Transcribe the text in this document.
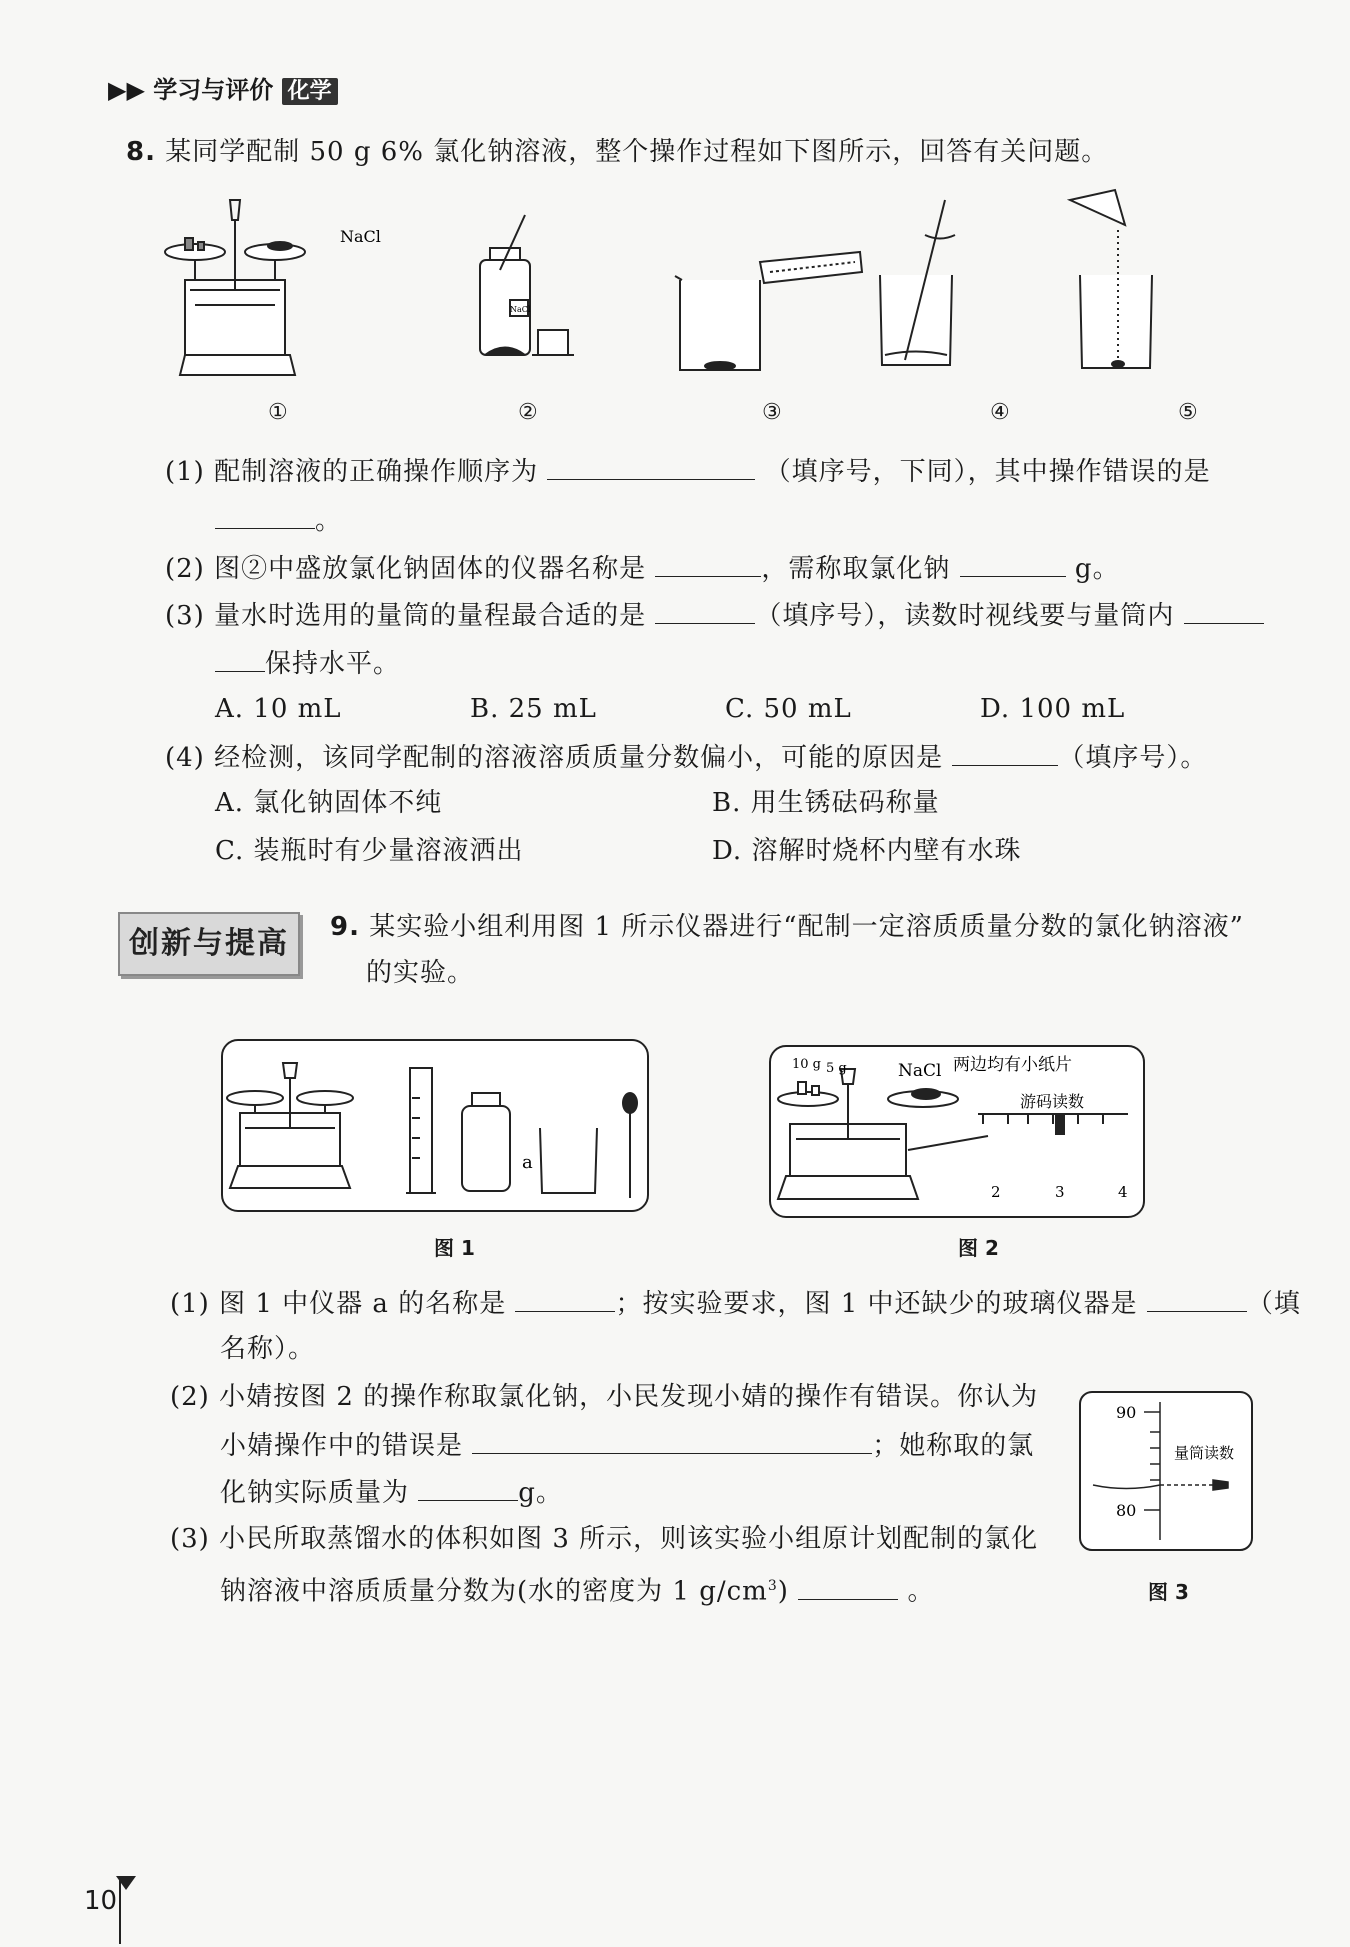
▶▶ 学习与评价 化学
8. 某同学配制 50 g 6% 氯化钠溶液，整个操作过程如下图所示，回答有关问题。
NaCl
NaCl
①	②	③	④	⑤
(1) 配制溶液的正确操作顺序为	（填序号，下同），其中操作错误的是
。
(2) 图②中盛放氯化钠固体的仪器名称是	，需称取氯化钠	g。
(3) 量水时选用的量筒的量程最合适的是	（填序号），读数时视线要与量筒内
保持水平。
A. 10 mL	B. 25 mL	C. 50 mL	D. 100 mL
(4) 经检测，该同学配制的溶液溶质质量分数偏小，可能的原因是	（填序号）。
A. 氯化钠固体不纯	B. 用生锈砝码称量
C. 装瓶时有少量溶液洒出	D. 溶解时烧杯内壁有水珠
创新与提高	9. 某实验小组利用图 1 所示仪器进行“配制一定溶质质量分数的氯化钠溶液”
的实验。
a
图 1
10 g 5 g	NaCl 两边均有小纸片
游码读数
2	3	4
图 2
(1) 图 1 中仪器 a 的名称是	；按实验要求，图 1 中还缺少的玻璃仪器是	（填
名称）。
(2) 小婧按图 2 的操作称取氯化钠，小民发现小婧的操作有错误。你认为
小婧操作中的错误是	；她称取的氯
化钠实际质量为	g。
90
80
量筒读数
图 3
(3) 小民所取蒸馏水的体积如图 3 所示，则该实验小组原计划配制的氯化
钠溶液中溶质质量分数为(水的密度为 1 $g/cm^3$)	。
10
